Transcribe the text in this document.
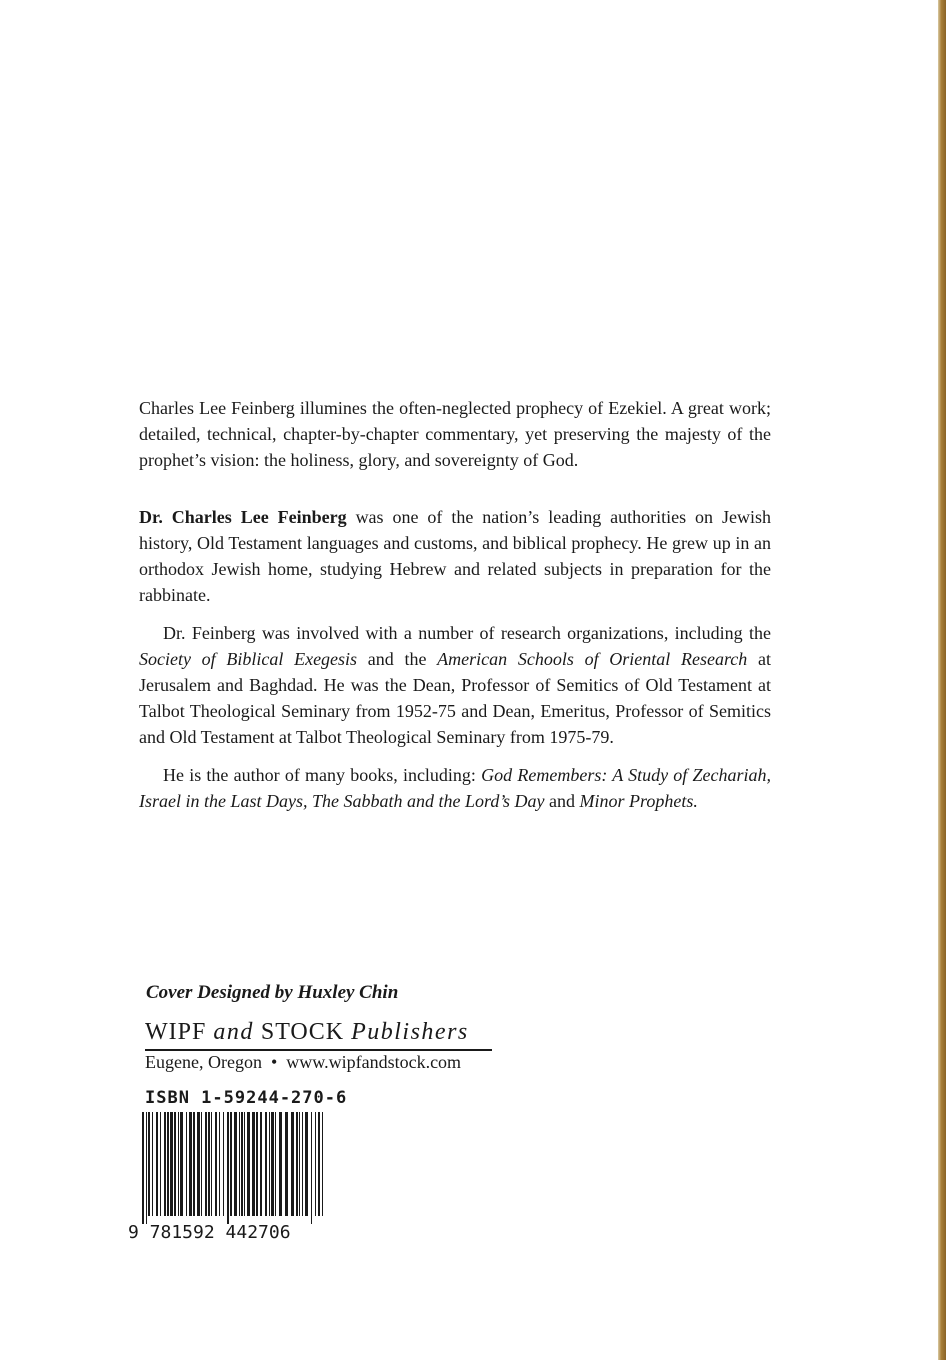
Charles Lee Feinberg illumines the often-neglected prophecy of Ezekiel. A great work; detailed, technical, chapter-by-chapter commentary, yet preserving the majesty of the prophet’s vision: the holiness, glory, and sovereignty of God.

Dr. Charles Lee Feinberg was one of the nation’s leading authorities on Jewish history, Old Testament languages and customs, and biblical prophecy. He grew up in an orthodox Jewish home, studying Hebrew and related subjects in preparation for the rabbinate.

Dr. Feinberg was involved with a number of research organizations, including the Society of Biblical Exegesis and the American Schools of Oriental Research at Jerusalem and Baghdad. He was the Dean, Professor of Semitics of Old Testament at Talbot Theological Seminary from 1952-75 and Dean, Emeritus, Professor of Semitics and Old Testament at Talbot Theological Seminary from 1975-79.

He is the author of many books, including: God Remembers: A Study of Zechariah, Israel in the Last Days, The Sabbath and the Lord’s Day and Minor Prophets.

Cover Designed by Huxley Chin
WIPF and STOCK Publishers
Eugene, Oregon  •  www.wipfandstock.com
ISBN 1-59244-270-6
9 781592 442706
